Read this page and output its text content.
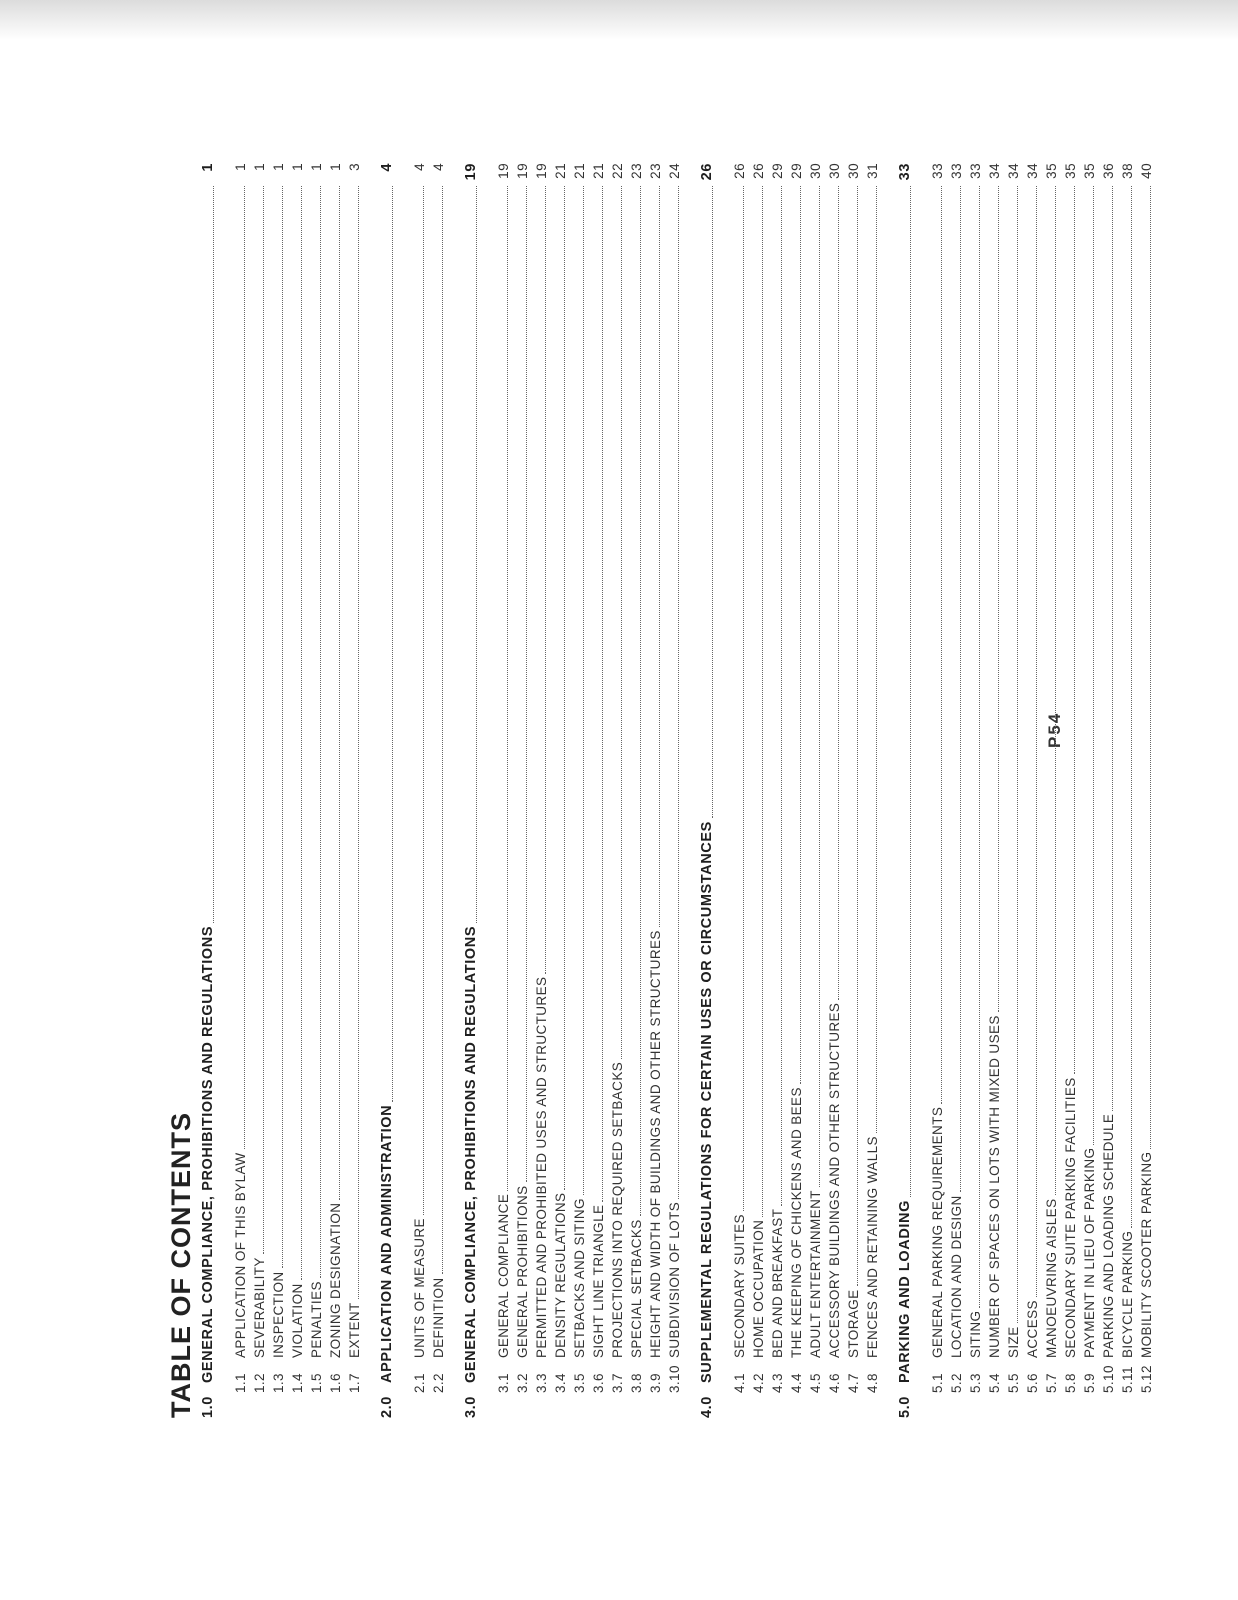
P54
TABLE OF CONTENTS 1.0
GENERAL COMPLIANCE, PROHIBITIONS AND REGULATIONS
1
1.1
APPLICATION OF THIS BYLAW
1
1.2
SEVERABILITY
1
1.3
INSPECTION
1
1.4
VIOLATION
1
1.5
PENALTIES
1
1.6
ZONING DESIGNATION
1
1.7
EXTENT
3
2.0
APPLICATION AND ADMINISTRATION
4
2.1
UNITS OF MEASURE
4
2.2
DEFINITION
4
3.0
GENERAL COMPLIANCE, PROHIBITIONS AND REGULATIONS
19
3.1
GENERAL COMPLIANCE
19
3.2
GENERAL PROHIBITIONS
19
3.3
PERMITTED AND PROHIBITED USES AND STRUCTURES
19
3.4
DENSITY REGULATIONS
21
3.5
SETBACKS AND SITING
21
3.6
SIGHT LINE TRIANGLE
21
3.7
PROJECTIONS INTO REQUIRED SETBACKS
22
3.8
SPECIAL SETBACKS
23
3.9
HEIGHT AND WIDTH OF BUILDINGS AND OTHER STRUCTURES
23
3.10
SUBDIVISION OF LOTS
24
4.0
SUPPLEMENTAL REGULATIONS FOR CERTAIN USES OR CIRCUMSTANCES
26
4.1
SECONDARY SUITES
26
4.2
HOME OCCUPATION
26
4.3
BED AND BREAKFAST
29
4.4
THE KEEPING OF CHICKENS AND BEES
29
4.5
ADULT ENTERTAINMENT
30
4.6
ACCESSORY BUILDINGS AND OTHER STRUCTURES
30
4.7
STORAGE
30
4.8
FENCES AND RETAINING WALLS
31
5.0
PARKING AND LOADING
33
5.1
GENERAL PARKING REQUIREMENTS
33
5.2
LOCATION AND DESIGN
33
5.3
SITING
33
5.4
NUMBER OF SPACES ON LOTS WITH MIXED USES
34
5.5
SIZE
34
5.6
ACCESS
34
5.7
MANOEUVRING AISLES
35
5.8
SECONDARY SUITE PARKING FACILITIES
35
5.9
PAYMENT IN LIEU OF PARKING
35
5.10
PARKING AND LOADING SCHEDULE
36
5.11
BICYCLE PARKING
38
5.12
MOBILITY SCOOTER PARKING
40
